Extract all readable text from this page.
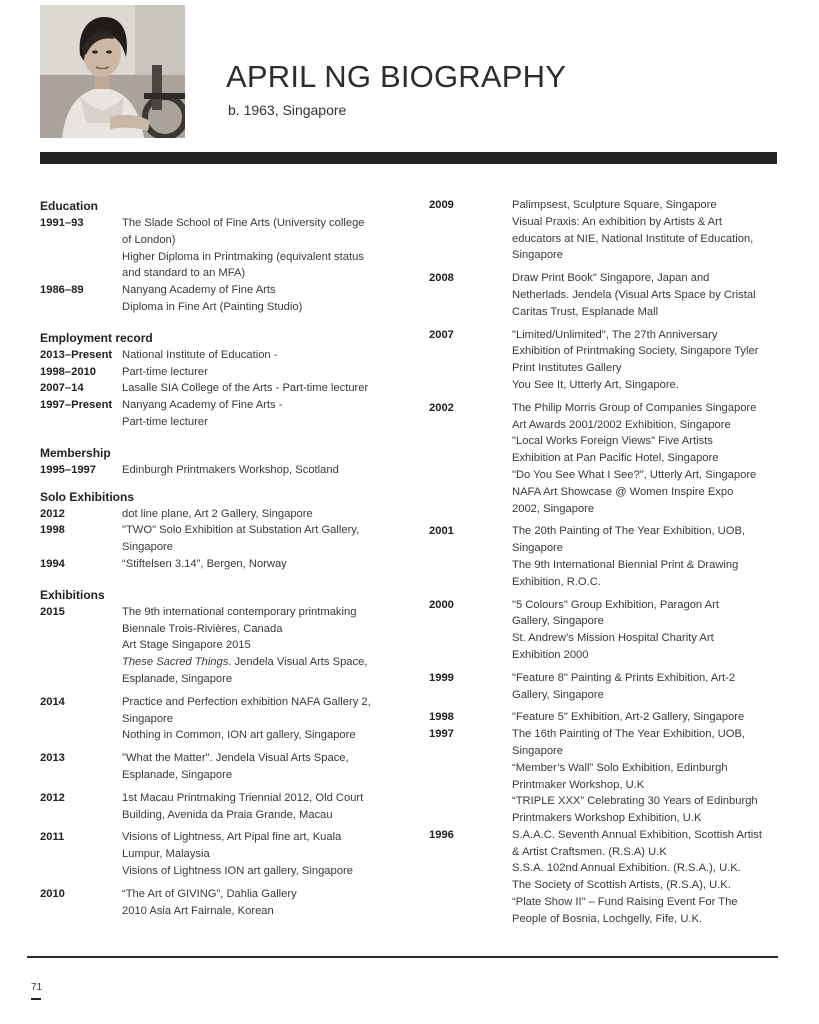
APRIL NG BIOGRAPHY
b. 1963, Singapore
Education
1991–93	The Slade School of Fine Arts (University college
of London)
Higher Diploma in Printmaking (equivalent status
and standard to an MFA)
1986–89	Nanyang Academy of Fine Arts
Diploma in Fine Art (Painting Studio)
Employment record
2013–Present National Institute of Education -
1998–2010	Part-time lecturer
2007–14	Lasalle SIA College of the Arts - Part-time lecturer
1997–Present Nanyang Academy of Fine Arts -
Part-time lecturer
Membership
1995–1997	Edinburgh Printmakers Workshop, Scotland
Solo Exhibitions
2012	dot line plane, Art 2 Gallery, Singapore
1998	"TWO" Solo Exhibition at Substation Art Gallery,
Singapore
1994	“Stiftelsen 3.14”, Bergen, Norway
Exhibitions
2015	The 9th international contemporary printmaking
Biennale Trois-Rivières, Canada
Art Stage Singapore 2015
These Sacred Things. Jendela Visual Arts Space,
Esplanade, Singapore
2014	Practice and Perfection exhibition NAFA Gallery 2,
Singapore
Nothing in Common, ION art gallery, Singapore
2013	"What the Matter". Jendela Visual Arts Space,
Esplanade, Singapore
2012	1st Macau Printmaking Triennial 2012, Old Court
Building, Avenida da Praia Grande, Macau
2011	Visions of Lightness, Art Pipal fine art, Kuala
Lumpur, Malaysia
Visions of Lightness ION art gallery, Singapore
2010	“The Art of GIVING”, Dahlia Gallery
2010 Asia Art Fairnale, Korean
2009	Palimpsest, Sculpture Square, Singapore
Visual Praxis: An exhibition by Artists & Art
educators at NIE, National Institute of Education,
Singapore
2008	Draw Print Book" Singapore, Japan and
Netherlads. Jendela (Visual Arts Space by Cristal
Caritas Trust, Esplanade Mall
2007	"Limited/Unlimited", The 27th Anniversary
Exhibition of Printmaking Society, Singapore Tyler
Print Institutes Gallery
You See It, Utterly Art, Singapore.
2002	The Philip Morris Group of Companies Singapore
Art Awards 2001/2002 Exhibition, Singapore
"Local Works Foreign Views" Five Artists
Exhibition at Pan Pacific Hotel, Singapore
"Do You See What I See?", Utterly Art, Singapore
NAFA Art Showcase @ Women Inspire Expo
2002, Singapore
2001	The 20th Painting of The Year Exhibition, UOB,
Singapore
The 9th International Biennial Print & Drawing
Exhibition, R.O.C.
2000	"5 Colours" Group Exhibition, Paragon Art
Gallery, Singapore
St. Andrew's Mission Hospital Charity Art
Exhibition 2000
1999	"Feature 8" Painting & Prints Exhibition, Art-2
Gallery, Singapore
1998	"Feature 5" Exhibition, Art-2 Gallery, Singapore
1997	The 16th Painting of The Year Exhibition, UOB,
Singapore
“Member’s Wall” Solo Exhibition, Edinburgh
Printmaker Workshop, U.K
“TRIPLE XXX” Celebrating 30 Years of Edinburgh
Printmakers Workshop Exhibition, U.K
1996	S.A.A.C. Seventh Annual Exhibition, Scottish Artist
& Artist Craftsmen. (R.S.A) U.K
S.S.A. 102nd Annual Exhibition. (R.S.A.), U.K.
The Society of Scottish Artists, (R.S.A), U.K.
“Plate Show II” – Fund Raising Event For The
People of Bosnia, Lochgelly, Fife, U.K.
71
